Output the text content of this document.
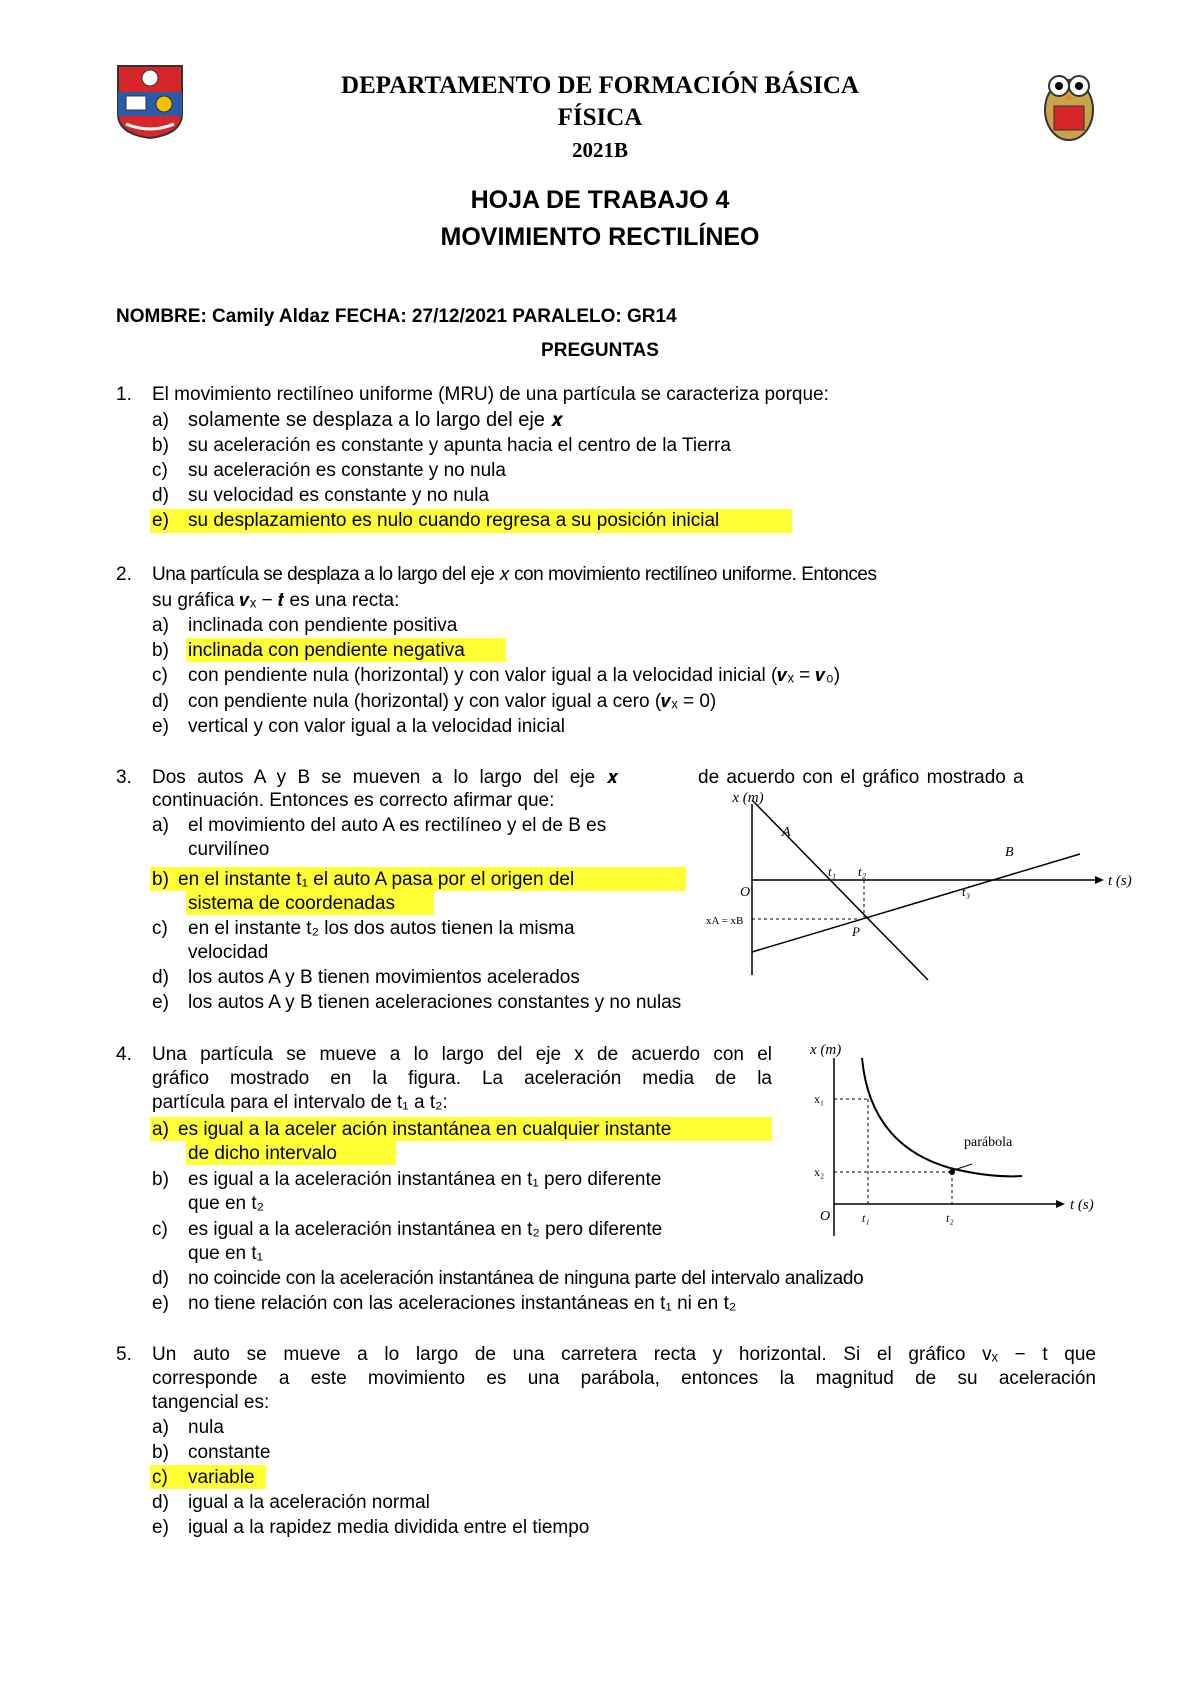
DEPARTAMENTO DE FORMACIÓN BÁSICA
FÍSICA
2021B
HOJA DE TRABAJO 4
MOVIMIENTO RECTILÍNEO
NOMBRE: Camily Aldaz FECHA: 27/12/2021 PARALELO: GR14
PREGUNTAS
1. El movimiento rectilíneo uniforme (MRU) de una partícula se caracteriza porque:
a) solamente se desplaza a lo largo del eje 𝒙
b) su aceleración es constante y apunta hacia el centro de la Tierra
c) su aceleración es constante y no nula
d) su velocidad es constante y no nula
e) su desplazamiento es nulo cuando regresa a su posición inicial
2. Una partícula se desplaza a lo largo del eje 𝑥 con movimiento rectilíneo uniforme. Entonces
su gráfica 𝒗ₓ − 𝒕 es una recta:
a) inclinada con pendiente positiva
b) inclinada con pendiente negativa
c) con pendiente nula (horizontal) y con valor igual a la velocidad inicial (𝒗ₓ = 𝒗₀)
d) con pendiente nula (horizontal) y con valor igual a cero (𝒗ₓ = 0)
e) vertical y con valor igual a la velocidad inicial
3. Dos autos A y B se mueven a lo largo del eje 𝒙	de acuerdo con el gráfico mostrado a
continuación. Entonces es correcto afirmar que:
a) el movimiento del auto A es rectilíneo y el de B es
curvilíneo
b) en el instante t₁ el auto A pasa por el origen del
sistema de coordenadas
c) en el instante t₂ los dos autos tienen la misma
velocidad
d) los autos A y B tienen movimientos acelerados
e) los autos A y B tienen aceleraciones constantes y no nulas
x (m)
t (s)
O
A
B
t₁ t₂
t₃
P
xA = xB
4. Una partícula se mueve a lo largo del eje x de acuerdo con el
gráfico mostrado en la figura. La aceleración media de la
partícula para el intervalo de t₁ a t₂:
a) es igual a la aceler ación instantánea en cualquier instante
de dicho intervalo
b) es igual a la aceleración instantánea en t₁ pero diferente
que en t₂
c) es igual a la aceleración instantánea en t₂ pero diferente
que en t₁
d) no coincide con la aceleración instantánea de ninguna parte del intervalo analizado
e) no tiene relación con las aceleraciones instantáneas en t₁ ni en t₂
x (m)
t (s)
O
x₁
x₂
t₁	t₂
parábola
5. Un auto se mueve a lo largo de una carretera recta y horizontal. Si el gráfico vₓ − t que
corresponde a este movimiento es una parábola, entonces la magnitud de su aceleración
tangencial es:
a) nula
b) constante
c) variable
d) igual a la aceleración normal
e) igual a la rapidez media dividida entre el tiempo
